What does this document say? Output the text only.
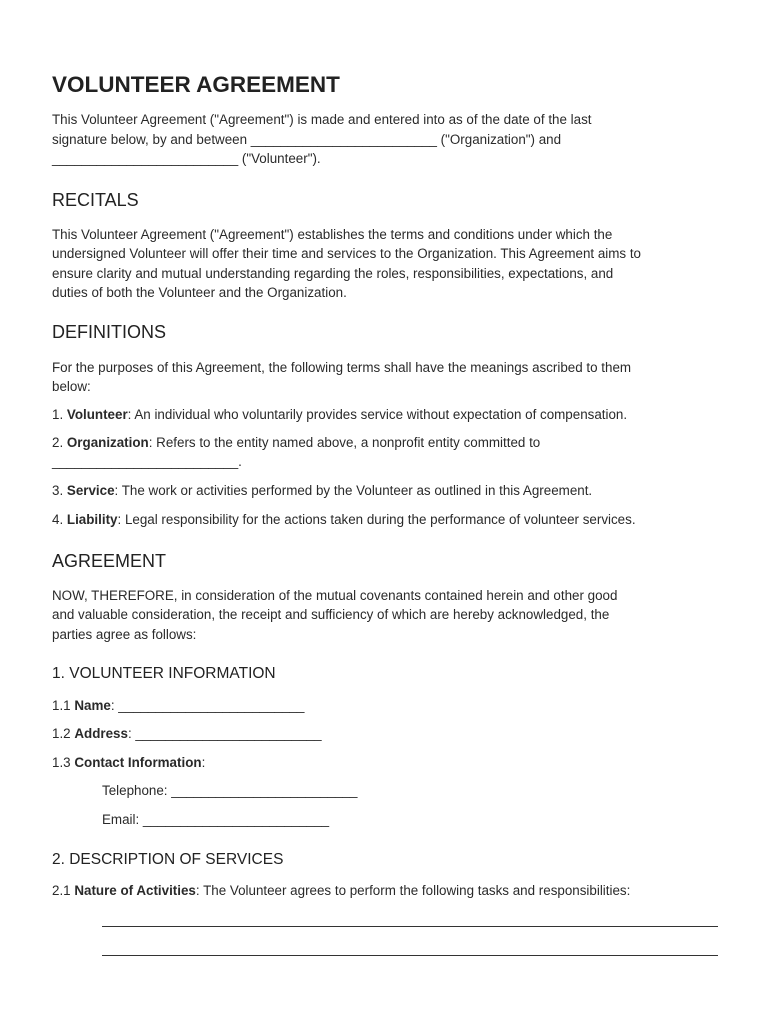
VOLUNTEER AGREEMENT

This Volunteer Agreement ("Agreement") is made and entered into as of the date of the last

signature below, by and between _________________________ ("Organization") and

_________________________ ("Volunteer").

RECITALS

This Volunteer Agreement ("Agreement") establishes the terms and conditions under which the

undersigned Volunteer will offer their time and services to the Organization. This Agreement aims to

ensure clarity and mutual understanding regarding the roles, responsibilities, expectations, and

duties of both the Volunteer and the Organization.

DEFINITIONS

For the purposes of this Agreement, the following terms shall have the meanings ascribed to them

below:

1. Volunteer: An individual who voluntarily provides service without expectation of compensation.

2. Organization: Refers to the entity named above, a nonprofit entity committed to

_________________________.

3. Service: The work or activities performed by the Volunteer as outlined in this Agreement.

4. Liability: Legal responsibility for the actions taken during the performance of volunteer services.

AGREEMENT

NOW, THEREFORE, in consideration of the mutual covenants contained herein and other good

and valuable consideration, the receipt and sufficiency of which are hereby acknowledged, the

parties agree as follows:

1. VOLUNTEER INFORMATION

1.1 Name: _________________________

1.2 Address: _________________________

1.3 Contact Information:

Telephone: _________________________

Email: _________________________

2. DESCRIPTION OF SERVICES

2.1 Nature of Activities: The Volunteer agrees to perform the following tasks and responsibilities:
